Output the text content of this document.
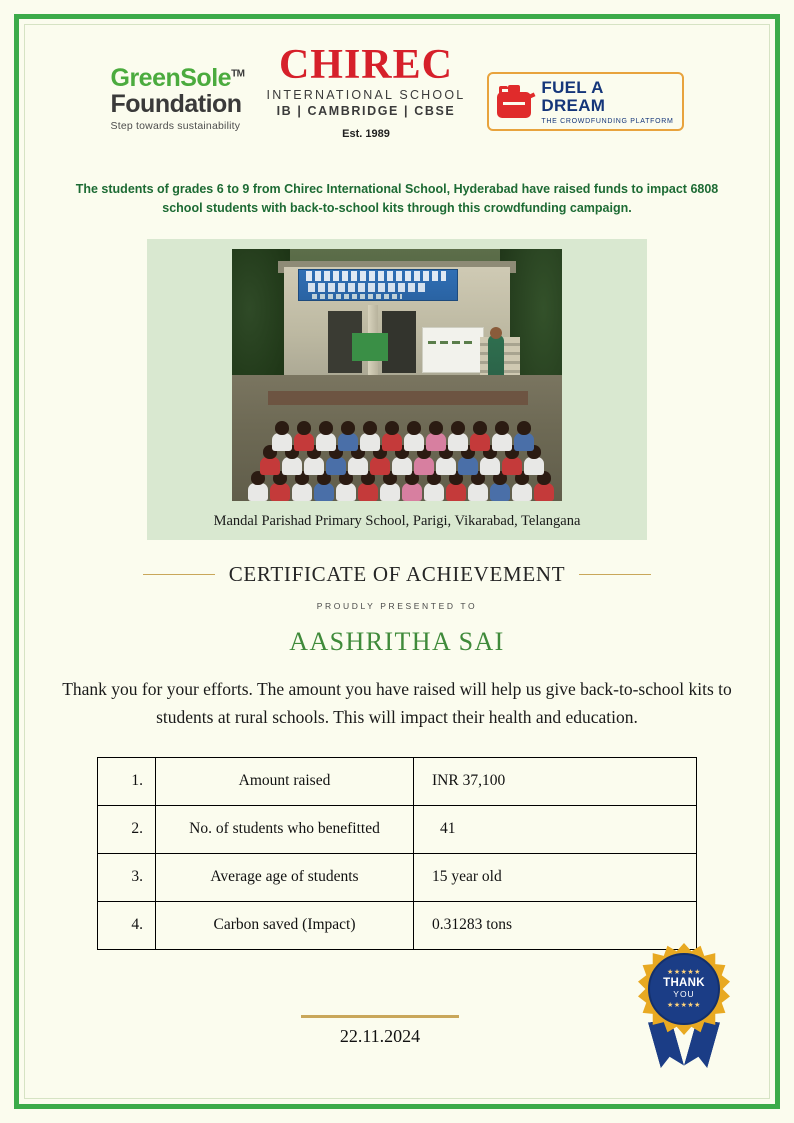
GreenSole™
Foundation
Step towards sustainability
CHIREC
INTERNATIONAL SCHOOL
IB | CAMBRIDGE | CBSE
Est. 1989
FUEL A
DREAM
THE CROWDFUNDING PLATFORM
The students of grades 6 to 9 from Chirec International School, Hyderabad have raised funds to impact 6808 school students with back-to-school kits through this crowdfunding campaign.
Mandal Parishad Primary School, Parigi, Vikarabad, Telangana
CERTIFICATE OF ACHIEVEMENT
PROUDLY PRESENTED TO
AASHRITHA SAI
Thank you for your efforts. The amount you have raised will help us give back-to-school kits to students at rural schools. This will impact their health and education.
1.	Amount raised	INR 37,100
2.	No. of students who benefitted	41
3.	Average age of students	15 year old
4.	Carbon saved (Impact)	0.31283 tons
22.11.2024
★★★★★
THANK
YOU
★★★★★
